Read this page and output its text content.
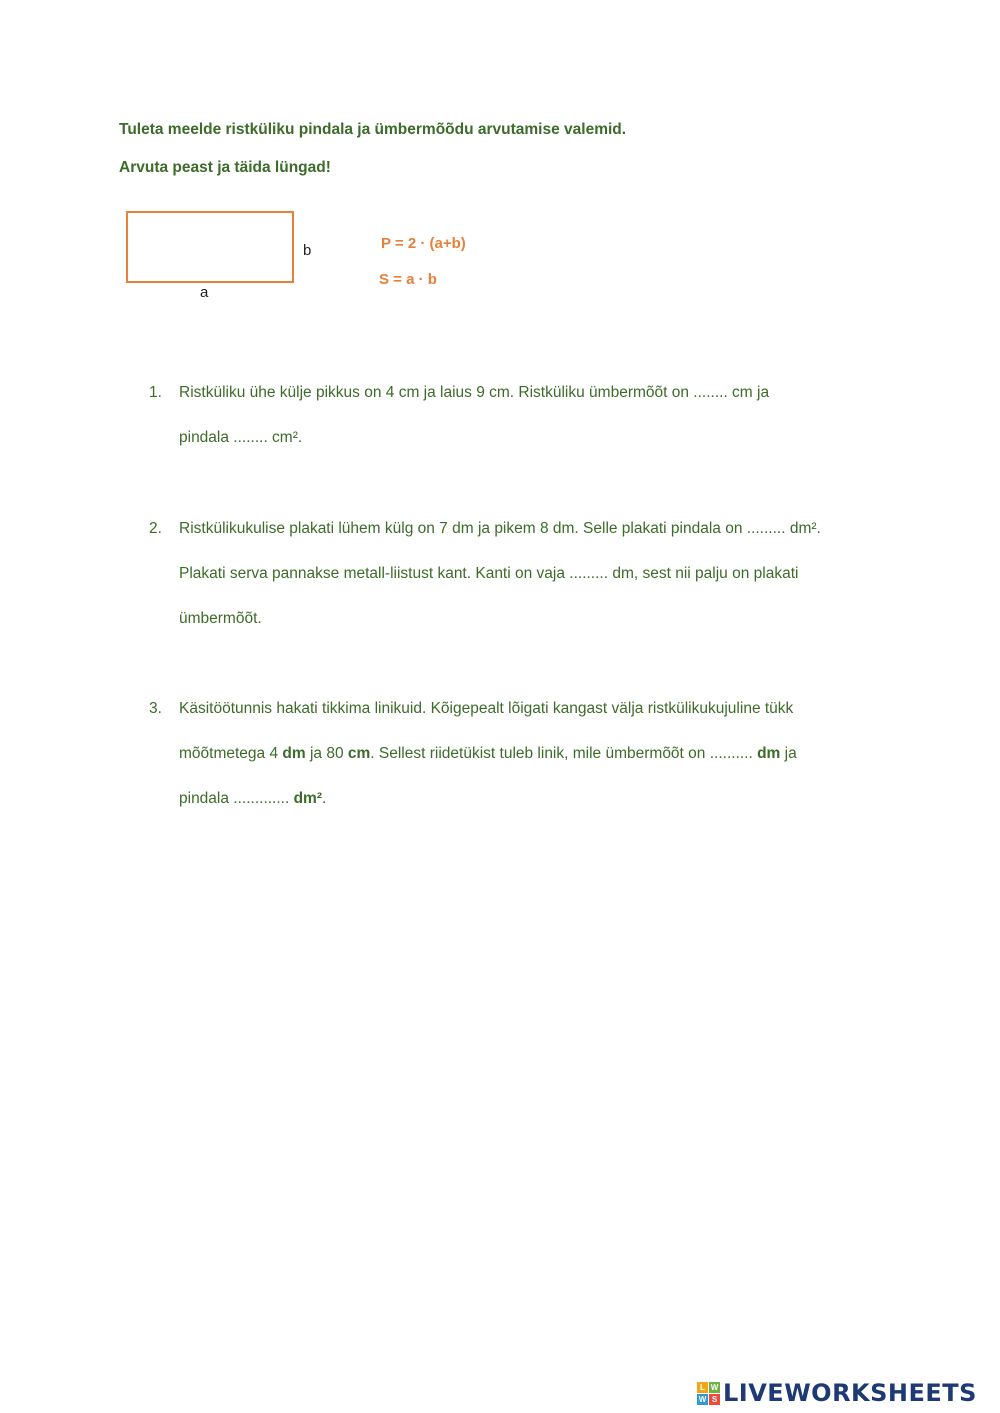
Tuleta meelde ristküliku pindala ja ümbermõõdu arvutamise valemid.
Arvuta peast ja täida lüngad!
b
a
P = 2 · (a+b)
S = a · b
1. Ristküliku ühe külje pikkus on 4 cm ja laius 9 cm. Ristküliku ümbermõõt on ........ cm ja
pindala ........ cm².
2. Ristkülikukulise plakati lühem külg on 7 dm ja pikem 8 dm. Selle plakati pindala on ......... dm².
Plakati serva pannakse metall-liistust kant. Kanti on vaja ......... dm, sest nii palju on plakati
ümbermõõt.
3. Käsitöötunnis hakati tikkima linikuid. Kõigepealt lõigati kangast välja ristkülikukujuline tükk
mõõtmetega 4 dm ja 80 cm. Sellest riidetükist tuleb linik, mile ümbermõõt on .......... dm ja
pindala ............. dm².
L W
W S LIVEWORKSHEETS
